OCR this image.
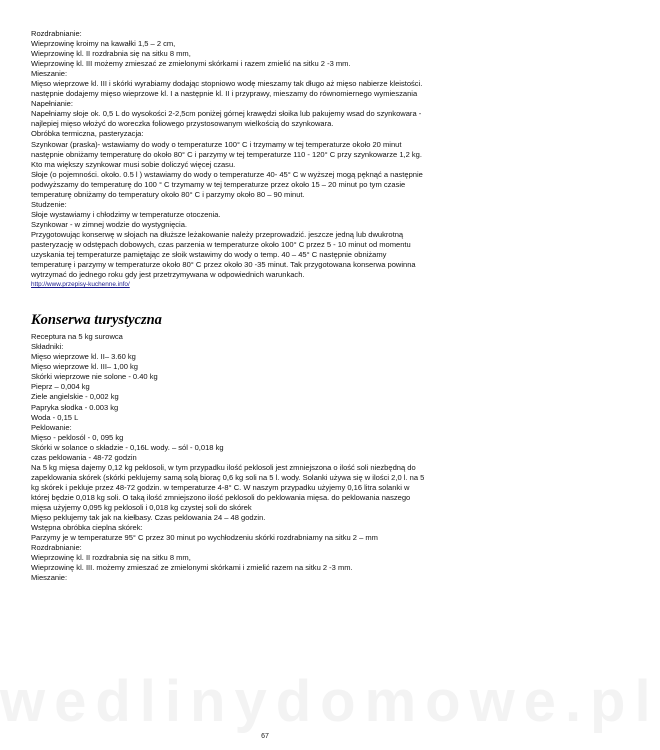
wedlinydomowe.pl
Rozdrabnianie:
Wieprzowinę kroimy na kawałki 1,5 – 2 cm,
Wieprzowinę kl. II rozdrabnia się na sitku 8 mm,
Wieprzowinę kl. III możemy zmieszać ze zmielonymi skórkami i razem zmielić na sitku 2 -3 mm.
Mieszanie:
Mięso wieprzowe kl. III i skórki wyrabiamy dodając stopniowo wodę mieszamy tak długo aż mięso nabierze kleistości.
następnie dodajemy mięso wieprzowe kl. I a następnie kl. II i przyprawy, mieszamy do równomiernego wymieszania
Napełnianie:
Napełniamy słoje ok. 0,5 L do wysokości 2-2,5cm poniżej górnej krawędzi słoika lub pakujemy wsad do szynkowara -
najlepiej mięso włożyć do woreczka foliowego przystosowanym wielkością do szynkowara.
Obróbka termiczna, pasteryzacja:
Szynkowar (praska)- wstawiamy do wody o temperaturze 100° C i trzymamy w tej temperaturze około 20 minut
następnie obniżamy temperaturę do około 80° C i parzymy w tej temperaturze 110 - 120° C przy szynkowarze 1,2 kg.
Kto ma większy szynkowar musi sobie doliczyć więcej czasu.
Słoje (o pojemności. około. 0.5 l ) wstawiamy do wody o temperaturze 40- 45° C w wyższej mogą pęknąć a następnie
podwyższamy do temperaturę do 100 ° C trzymamy w tej temperaturze przez około 15 – 20 minut po tym czasie
temperaturę obniżamy do temperatury około 80° C i parzymy około 80 – 90 minut.
Studzenie:
Słoje wystawiamy i chłodzimy w temperaturze otoczenia.
Szynkowar - w zimnej wodzie do wystygnięcia.
Przygotowując konserwę w słojach na dłuższe leżakowanie należy przeprowadzić. jeszcze jedną lub dwukrotną
pasteryzację w odstępach dobowych, czas parzenia w temperaturze około 100° C przez 5 - 10 minut od momentu
uzyskania tej temperaturze pamiętając ze słoik wstawimy do wody o temp. 40 – 45° C następnie obniżamy
temperaturę i parzymy w temperaturze około 80° C przez około 30 -35 minut. Tak przygotowana konserwa powinna
wytrzymać do jednego roku gdy jest przetrzymywana w odpowiednich warunkach.
http://www.przepisy-kuchenne.info/
Konserwa turystyczna
Receptura na 5 kg surowca
Składniki:
Mięso wieprzowe kl. II– 3.60 kg
Mięso wieprzowe kl. III– 1,00 kg
Skórki wieprzowe nie solone - 0.40 kg
Pieprz – 0,004 kg
Ziele angielskie - 0,002 kg
Papryka słodka - 0.003 kg
Woda - 0,15 L
Peklowanie:
Mięso - peklosól - 0, 095 kg
Skórki w solance o składzie - 0,16L wody. – sól - 0,018 kg
czas peklowania - 48-72 godzin
Na 5 kg mięsa dajemy 0,12 kg peklosoli, w tym przypadku ilość peklosoli jest zmniejszona o ilość soli niezbędną do
zapeklowania skórek (skórki peklujemy samą solą bioraç 0,6 kg soli na 5 l. wody. Solanki używa się w ilości 2,0 l. na 5
kg skórek i pekluje przez 48-72 godzin. w temperaturze 4-8° C. W naszym przypadku użyjemy 0,16 litra solanki w
której będzie 0,018 kg soli. O taką ilość zmniejszono ilość peklosoli do peklowania mięsa. do peklowania naszego
mięsa użyjemy 0,095 kg peklosoli i 0,018 kg czystej soli do skórek
Mięso peklujemy tak jak na kiełbasy. Czas peklowania 24 – 48 godzin.
Wstępna obróbka cieplna skórek:
Parzymy je w temperaturze 95° C przez 30 minut po wychłodzeniu skórki rozdrabniamy na sitku 2 – mm
Rozdrabnianie:
Wieprzowinę kl. II rozdrabnia się na sitku 8 mm,
Wieprzowinę kl. III. możemy zmieszać ze zmielonymi skórkami i zmielić razem na sitku 2 -3 mm.
Mieszanie:
67
